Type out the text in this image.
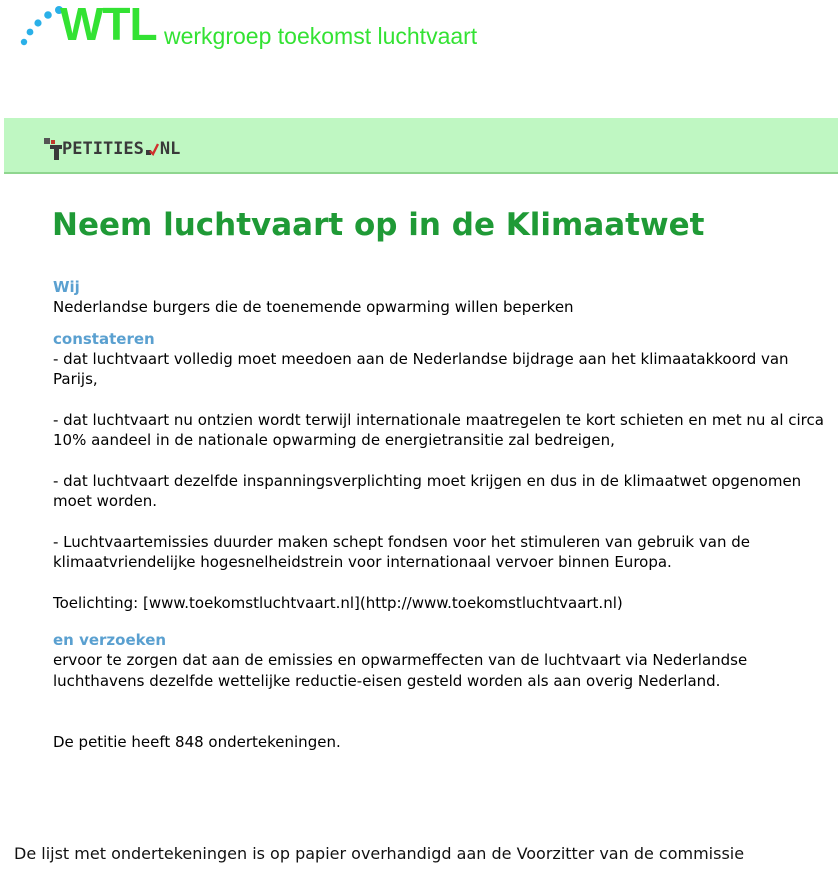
WTL werkgroep toekomst luchtvaart
PETITIES NL
Neem luchtvaart op in de Klimaatwet
Wij

Nederlandse burgers die de toenemende opwarming willen beperken

constateren

- dat luchtvaart volledig moet meedoen aan de Nederlandse bijdrage aan het klimaatakkoord van Parijs,

- dat luchtvaart nu ontzien wordt terwijl internationale maatregelen te kort schieten en met nu al circa 10% aandeel in de nationale opwarming de energietransitie zal bedreigen,

- dat luchtvaart dezelfde inspanningsverplichting moet krijgen en dus in de klimaatwet opgenomen moet worden.

- Luchtvaartemissies duurder maken schept fondsen voor het stimuleren van gebruik van de klimaatvriendelijke hogesnelheidstrein voor internationaal vervoer binnen Europa.

Toelichting: [www.toekomstluchtvaart.nl](http://www.toekomstluchtvaart.nl)

en verzoeken

ervoor te zorgen dat aan de emissies en opwarmeffecten van de luchtvaart via Nederlandse luchthavens dezelfde wettelijke reductie-eisen gesteld worden als aan overig Nederland.

De petitie heeft 848 ondertekeningen.

De lijst met ondertekeningen is op papier overhandigd aan de Voorzitter van de commissie
